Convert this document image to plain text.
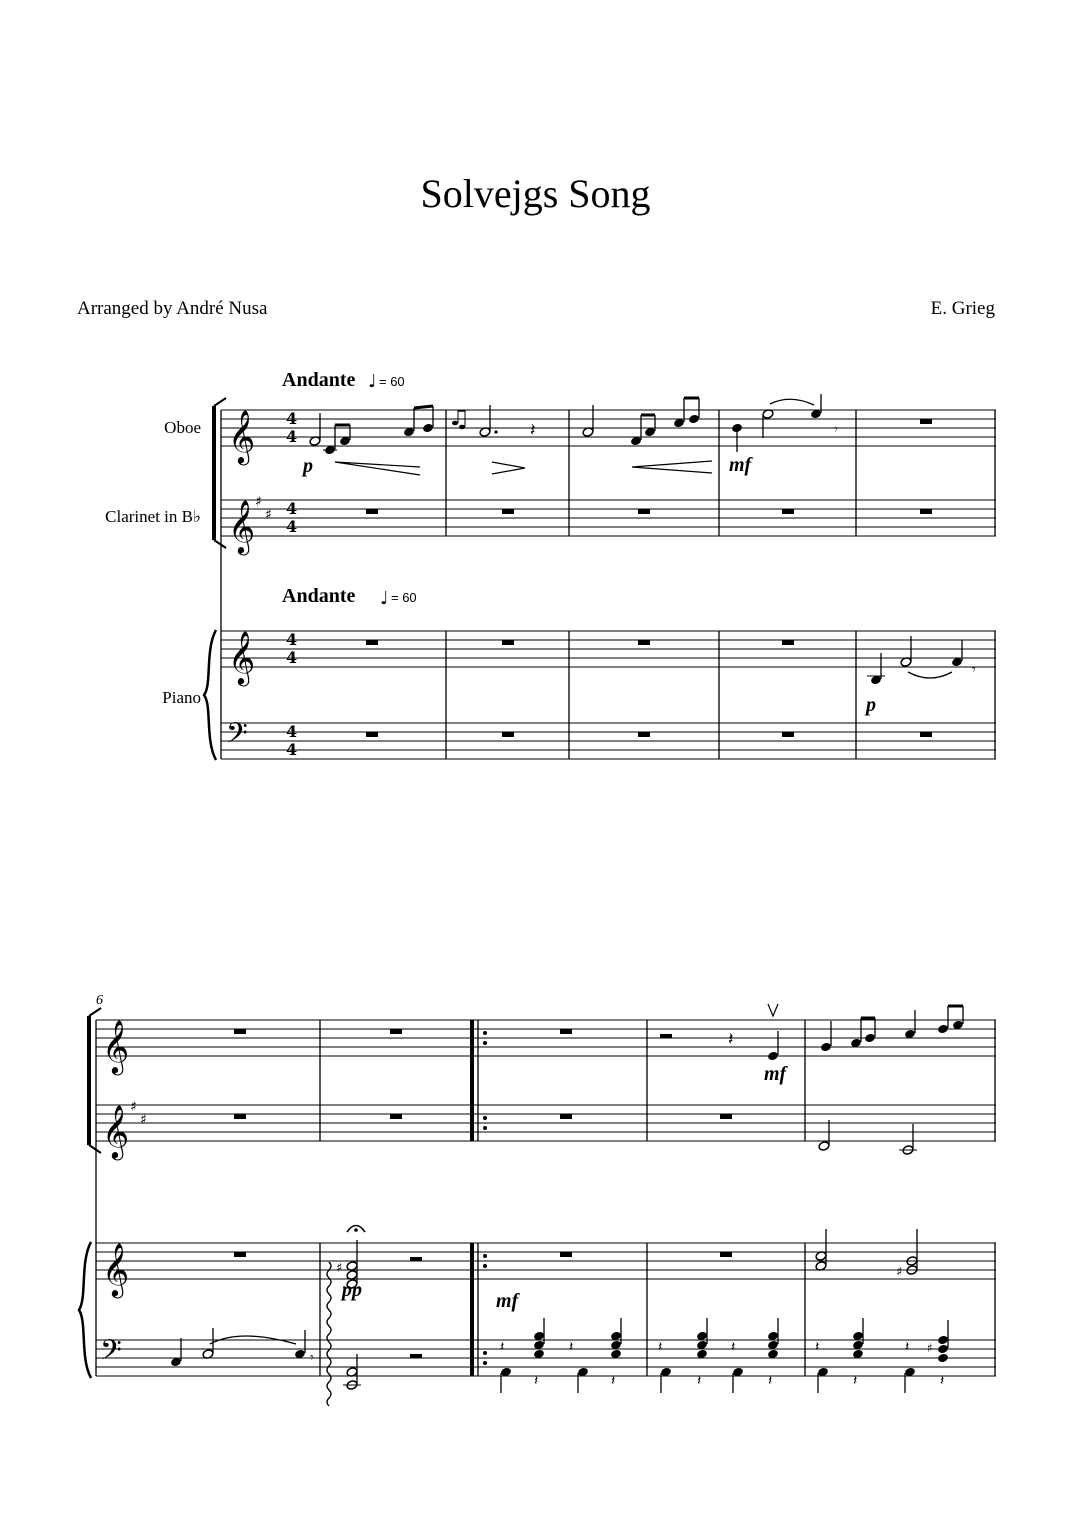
Solvejgs Song
Arranged by André Nusa	E. Grieg
Andante ♩ = 60
Andante ♩ = 60
Oboe
Clarinet in B♭
Piano
𝄞
𝄞
𝄞
𝄢
♯
♯
4
4
4
4
4
4
4
4
p
𝄽	𝄾
mf
𝄾
p
6
𝄞
𝄞
𝄞
𝄢
♯
♯
𝄽
mf
♯
pp	mf
♯
𝄾
𝄽	𝄽
𝄽	𝄽
𝄽	𝄽
𝄽	𝄽
𝄽	𝄽 ♯
𝄽	𝄽
